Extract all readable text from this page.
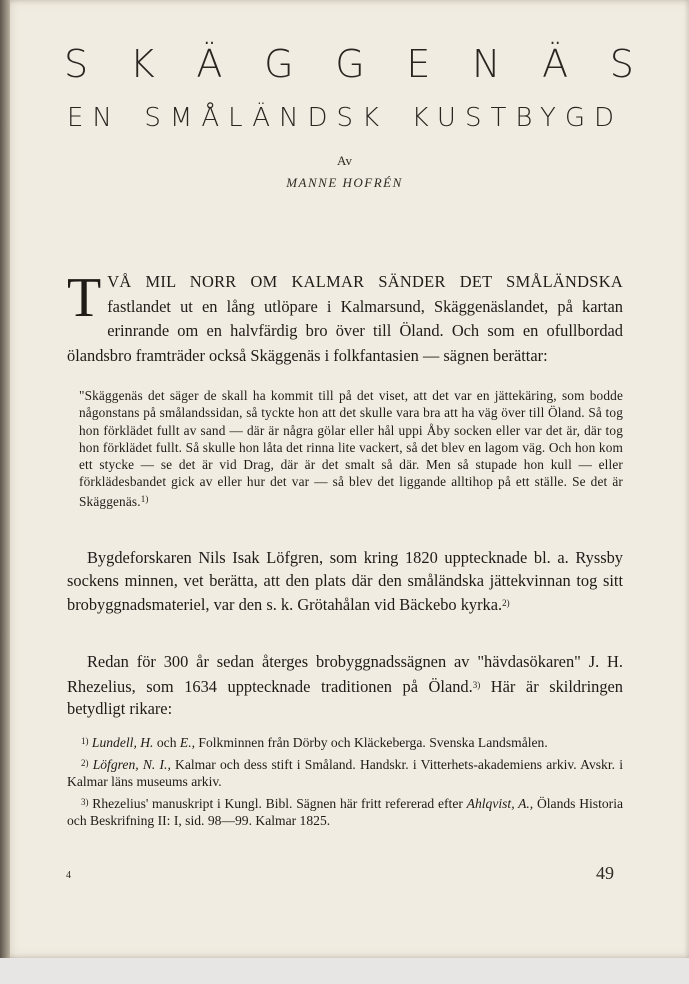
S K Ä G G E N Ä S
EN SMÅLÄNDSK KUSTBYGD
Av
MANNE HOFRÉN
TVÅ MIL NORR OM KALMAR SÄNDER DET SMÅLÄNDSKA fastlandet ut en lång utlöpare i Kalmarsund, Skäggenäslandet, på kartan erinrande om en halvfärdig bro över till Öland. Och som en ofullbordad ölandsbro framträder också Skäggenäs i folkfantasien — sägnen berättar:
"Skäggenäs det säger de skall ha kommit till på det viset, att det var en jättekäring, som bodde någonstans på smålandssidan, så tyckte hon att det skulle vara bra att ha väg över till Öland. Så tog hon förklädet fullt av sand — där är några gölar eller hål uppi Åby socken eller var det är, där tog hon förklädet fullt. Så skulle hon låta det rinna lite vackert, så det blev en lagom väg. Och hon kom ett stycke — se det är vid Drag, där är det smalt så där. Men så stupade hon kull — eller förklädesbandet gick av eller hur det var — så blev det liggande alltihop på ett ställe. Se det är Skäggenäs.$^{1)}$
Bygdeforskaren Nils Isak Löfgren, som kring 1820 upptecknade bl. a. Ryssby sockens minnen, vet berätta, att den plats där den småländska jättekvinnan tog sitt brobyggnadsmateriel, var den s. k. Grötahålan vid Bäckebo kyrka.$^{2)}$
Redan för 300 år sedan återges brobyggnadssägnen av "hävdasökaren" J. H. Rhezelius, som 1634 upptecknade traditionen på Öland.$^{3)}$ Här är skildringen betydligt rikare:
$^{1)}$ Lundell, H. och E., Folkminnen från Dörby och Kläckeberga. Svenska Landsmålen.
$^{2)}$ Löfgren, N. I., Kalmar och dess stift i Småland. Handskr. i Vitterhets-akademiens arkiv. Avskr. i Kalmar läns museums arkiv.
$^{3)}$ Rhezelius' manuskript i Kungl. Bibl. Sägnen här fritt refererad efter Ahlqvist, A., Ölands Historia och Beskrifning II: I, sid. 98—99. Kalmar 1825.
4	49
